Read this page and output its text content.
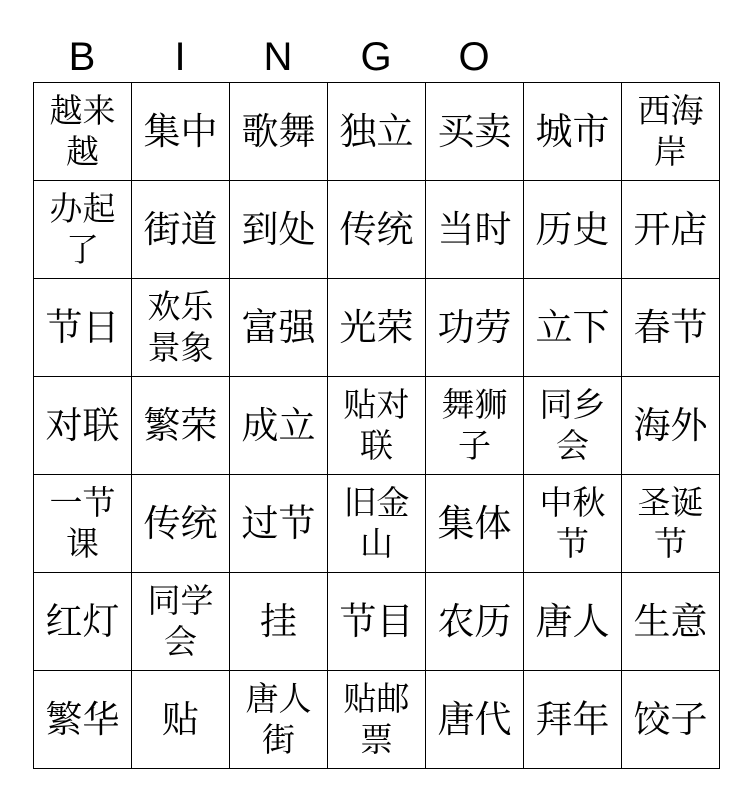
B	I	N	G	O
越来越	集中	歌舞	独立	买卖	城市	西海岸
办起了	街道	到处	传统	当时	历史	开店
节日	欢乐景象	富强	光荣	功劳	立下	春节
对联	繁荣	成立	贴对联	舞狮子	同乡会	海外
一节课	传统	过节	旧金山	集体	中秋节	圣诞节
红灯	同学会	挂	节目	农历	唐人	生意
繁华	贴	唐人街	贴邮票	唐代	拜年	饺子
